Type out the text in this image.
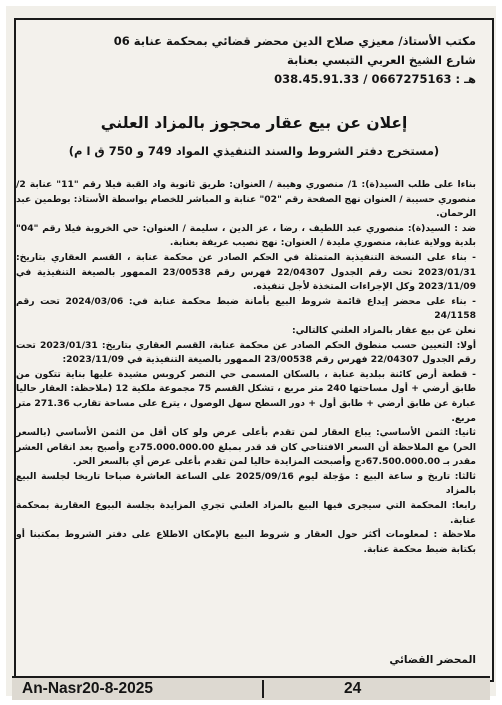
مكتب الأستاذ/ معيزي صلاح الدين محضر قضائي بمحكمة عنابة 06
شارع الشيخ العربي التبسي بعنابة
هـ : 038.45.91.33 / 0667275163
إعلان عن بيع عقار محجوز بالمزاد العلني
(مستخرج دفتر الشروط والسند التنفيذي المواد 749 و 750 ق ا م)

بناءا على طلب السيد(ة): 1/ منصوري وهيبة / العنوان: طريق ثانوية واد القبة فيلا رقم "11" عنابة 2/ منصوري حسيبة / العنوان نهج الصفحة رقم "02" عنابة و المباشر للخصام بواسطة الأستاذ: بوطمين عبد الرحمان.

ضد : السيد(ة): منصوري عبد اللطيف ، رضا ، عز الدين ، سليمة / العنوان: حي الخروبة فيلا رقم "04" بلدية وولاية عنابة، منصوري مليدة / العنوان: نهج نصيب عريفة بعنابة.

- بناء على النسخة التنفيذية المتمثلة في الحكم الصادر عن محكمة عنابة ، القسم العقاري بتاريخ: 2023/01/31 تحت رقم الجدول 22/04307 فهرس رقم 23/00538 الممهور بالصيغة التنفيذية في 2023/11/09 وكل الإجراءات المتخذة لأجل تنفيذه.

- بناء على محضر إيداع قائمة شروط البيع بأمانة ضبط محكمة عنابة في: 2024/03/06 تحت رقم 24/1158

نعلن عن بيع عقار بالمزاد العلني كالتالي:

أولا: التعيين حسب منطوق الحكم الصادر عن محكمة عنابة، القسم العقاري بتاريخ: 2023/01/31 تحت رقم الجدول 22/04307 فهرس رقم 23/00538 الممهور بالصيغة التنفيذية في 2023/11/09:

- قطعة أرض كائنة ببلدية عنابة ، بالسكان المسمى حي النصر كروبس مشيدة عليها بناية تتكون من طابق أرضي + أول مساحتها 240 متر مربع ، تشكل القسم 75 مجموعة ملكية 12 (ملاحظة: العقار حاليا عبارة عن طابق أرضي + طابق أول + دور السطح سهل الوصول ، يترع على مساحة تقارب 271.36 متر مربع.

ثانيا: الثمن الأساسي: يباع العقار لمن تقدم بأعلى عرض ولو كان أقل من الثمن الأساسي (بالسعر الحر) مع الملاحظة أن السعر الافتتاحي كان قد قدر بمبلغ 75.000.000.00دج وأصبح بعد انقاص العشر مقدر بـ 67.500.000.00دج وأصبحت المزايدة حاليا لمن تقدم بأعلى عرض أي بالسعر الحر.

ثالثا: تاريخ و ساعة البيع : مؤجلة ليوم 2025/09/16 على الساعة العاشرة صباحا تاريخا لجلسة البيع بالمزاد

رابعا: المحكمة التي سيجرى فيها البيع بالمزاد العلني تجري المزايدة بجلسة البيوع العقارية بمحكمة عنابة.

ملاحظة : لمعلومات أكثر حول العقار و شروط البيع بالإمكان الاطلاع على دفتر الشروط بمكتبنا أو بكتابة ضبط محكمة عنابة.

المحضر القضائي
An-Nasr20-8-2025	24
